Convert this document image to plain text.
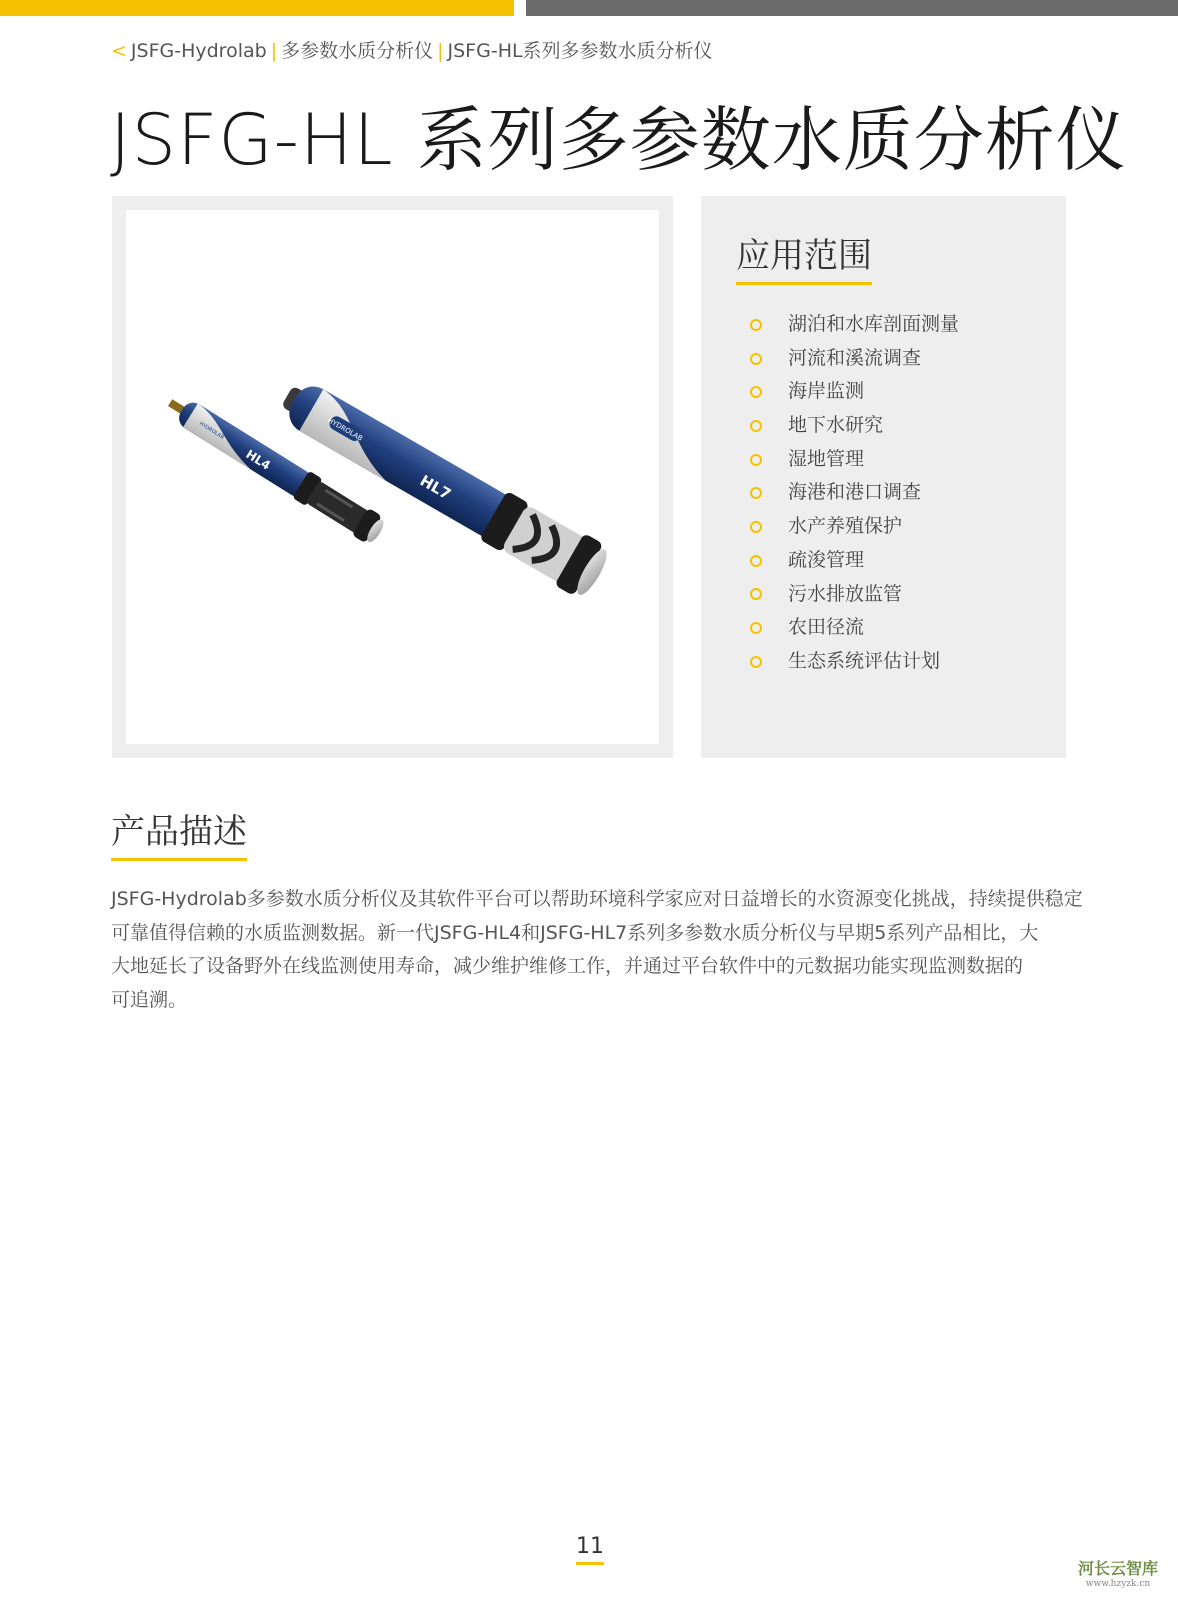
< JSFG-Hydrolab | 多参数水质分析仪 | JSFG-HL系列多参数水质分析仪
JSFG-HL 系列多参数水质分析仪
HYDROLAB
HL7
HYDROLAB
HL4
应用范围
湖泊和水库剖面测量
河流和溪流调查
海岸监测
地下水研究
湿地管理
海港和港口调查
水产养殖保护
疏浚管理
污水排放监管
农田径流
生态系统评估计划
产品描述

JSFG-Hydrolab多参数水质分析仪及其软件平台可以帮助环境科学家应对日益增长的水资源变化挑战，持续提供稳定
可靠值得信赖的水质监测数据。新一代JSFG-HL4和JSFG-HL7系列多参数水质分析仪与早期5系列产品相比，大
大地延长了设备野外在线监测使用寿命，减少维护维修工作，并通过平台软件中的元数据功能实现监测数据的
可追溯。

11
河长云智库
www.hzyzk.cn
